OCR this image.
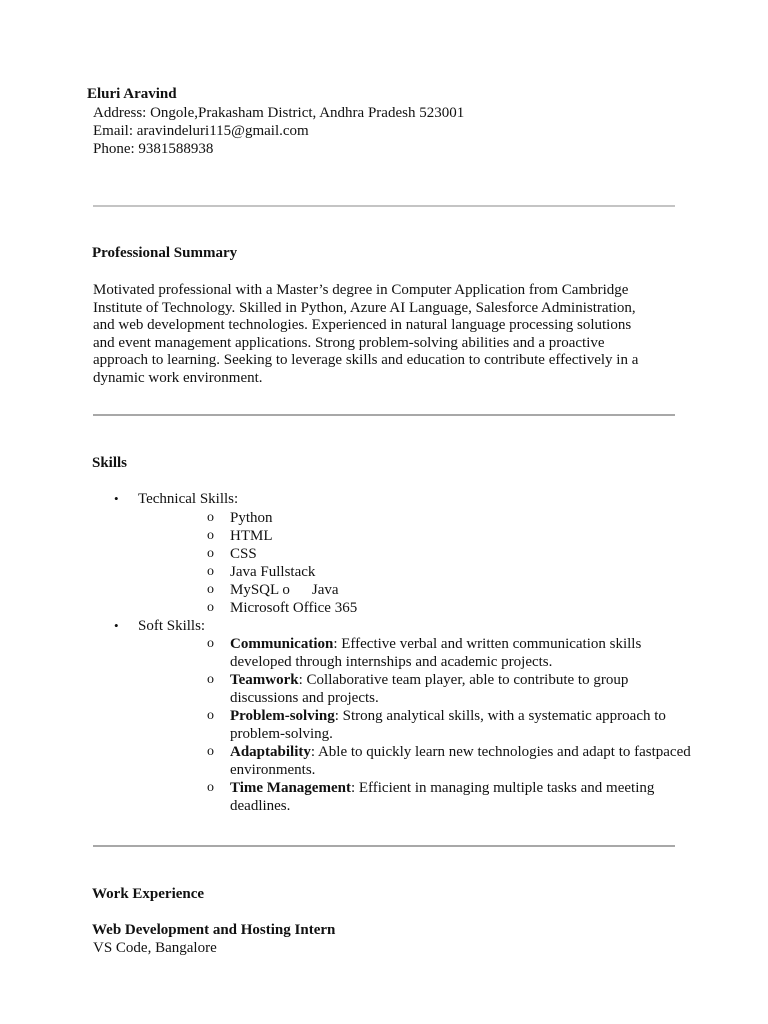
Eluri Aravind
Address: Ongole,Prakasham District, Andhra Pradesh 523001
Email: aravindeluri115@gmail.com
Phone: 9381588938
Professional Summary
Motivated professional with a Master’s degree in Computer Application from Cambridge
Institute of Technology. Skilled in Python, Azure AI Language, Salesforce Administration,
and web development technologies. Experienced in natural language processing solutions
and event management applications. Strong problem-solving abilities and a proactive
approach to learning. Seeking to leverage skills and education to contribute effectively in a
dynamic work environment.
Skills
• Technical Skills:
o Python
o HTML
o CSS
o Java Fullstack
o MySQL o Java
o Microsoft Office 365
• Soft Skills:
o Communication: Effective verbal and written communication skills
developed through internships and academic projects.
o Teamwork: Collaborative team player, able to contribute to group
discussions and projects.
o Problem-solving: Strong analytical skills, with a systematic approach to
problem-solving.
o Adaptability: Able to quickly learn new technologies and adapt to fastpaced
environments.
o Time Management: Efficient in managing multiple tasks and meeting
deadlines.
Work Experience
Web Development and Hosting Intern
VS Code, Bangalore
